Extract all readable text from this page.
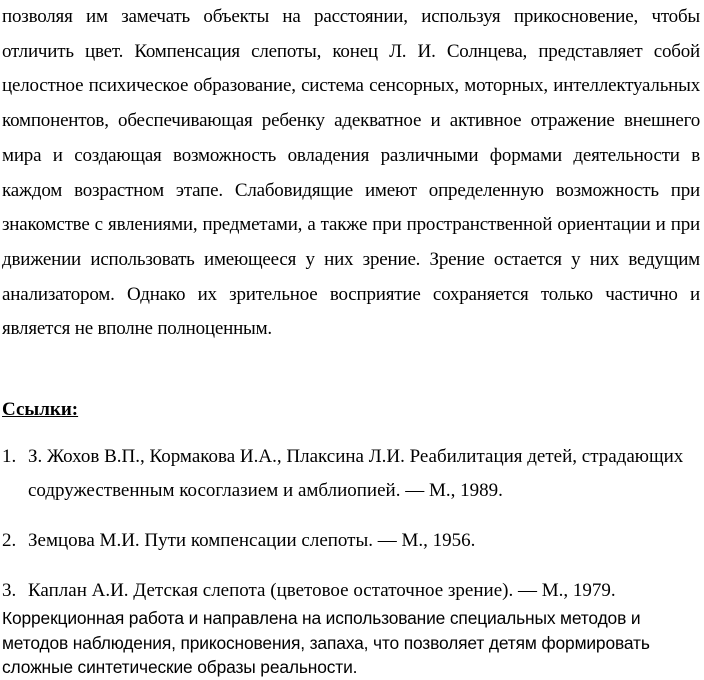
позволяя им замечать объекты на расстоянии, используя прикосновение, чтобы отличить цвет. Компенсация слепоты, конец Л. И. Солнцева, представляет собой целостное психическое образование, система сенсорных, моторных, интеллектуальных компонентов, обеспечивающая ребенку адекватное и активное отражение внешнего мира и создающая возможность овладения различными формами деятельности в каждом возрастном этапе. Слабовидящие имеют определенную возможность при знакомстве с явлениями, предметами, а также при пространственной ориентации и при движении использовать имеющееся у них зрение. Зрение остается у них ведущим анализатором. Однако их зрительное восприятие сохраняется только частично и является не вполне полноценным.

Ссылки:
1. З. Жохов В.П., Кормакова И.А., Плаксина Л.И. Реабилитация детей, страдающих содружественным косоглазием и амблиопией. — М., 1989.
2. Земцова М.И. Пути компенсации слепоты. — М., 1956.
3. Каплан А.И. Детская слепота (цветовое остаточное зрение). — М., 1979.

Коррекционная работа и направлена на использование специальных методов и методов наблюдения, прикосновения, запаха, что позволяет детям формировать сложные синтетические образы реальности.
